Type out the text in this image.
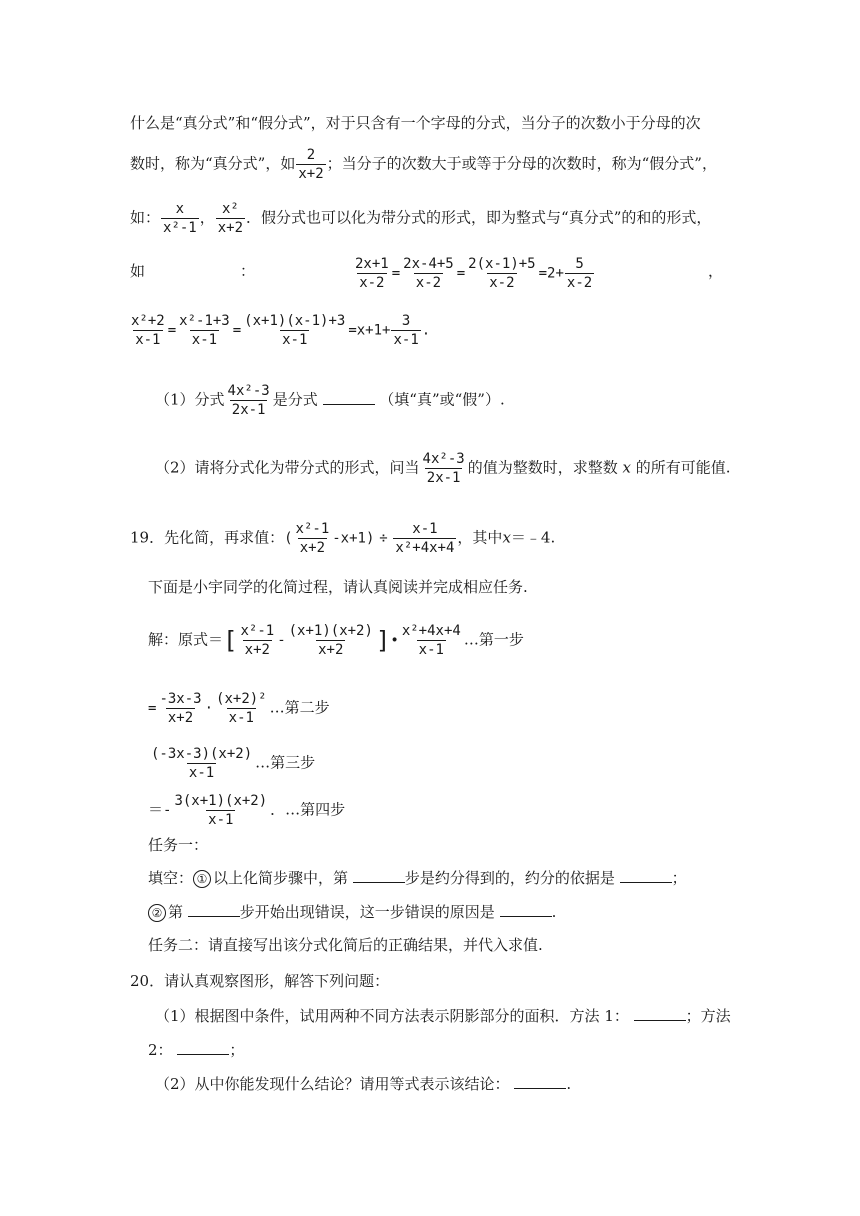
什么是“真分式”和“假分式”，对于只含有一个字母的分式，当分子的次数小于分母的次
数时，称为“真分式”，如 $\frac{2}{x+2}$ ；当分子的次数大于或等于分母的次数时，称为“假分式”，
如： $\frac{x}{\text{x²-1}}$ ， $\frac{\text{x²}}{x+2}$ ．假分式也可以化为带分式的形式，即为整式与“真分式”的和的形式，
如	：	$\frac{2x+1}{x-2} = \frac{2x-4+5}{x-2} = \frac{2(x-1)+5}{x-2} =2+ \frac{5}{x-2}$	，
$\frac{\text{x²+2}}{x-1} = \frac{\text{x²-1+3}}{x-1} = \frac{(x+1)(x-1)+3}{x-1} =x+1+ \frac{3}{x-1}$ .
（1）分式 $\frac{\text{4x²-3}}{2x-1}$ 是分式	（填“真”或“假”）.
（2）请将分式化为带分式的形式，问当 $\frac{\text{4x²-3}}{2x-1}$ 的值为整数时，求整数 x 的所有可能值.
19．先化简，再求值：( $\frac{\text{x²-1}}{x+2} -x+1) \div \frac{x-1}{\text{x²+4x+4}}$ ，其中x＝﹣4.
下面是小宇同学的化简过程，请认真阅读并完成相应任务.
解：原式＝[ $\frac{\text{x²-1}}{x+2} - \frac{(x+1)(x+2)}{x+2}$ ]• $\frac{\text{x²+4x+4}}{x-1}$ …第一步
= $\frac{-3x-3}{x+2} \cdot \frac{\text{(x+2)²}}{x-1}$ …第二步
$\frac{(-3x-3)(x+2)}{x-1}$ …第三步
＝- $\frac{3(x+1)(x+2)}{x-1}$ ．…第四步
任务一：
填空： ① 以上化简步骤中，第	步是约分得到的，约分的依据是	；
② 第	步开始出现错误，这一步错误的原因是	.
任务二：请直接写出该分式化简后的正确结果，并代入求值.
20．请认真观察图形，解答下列问题：
（1）根据图中条件，试用两种不同方法表示阴影部分的面积．方法 1：	；方法
2：	；
（2）从中你能发现什么结论？请用等式表示该结论：	.
